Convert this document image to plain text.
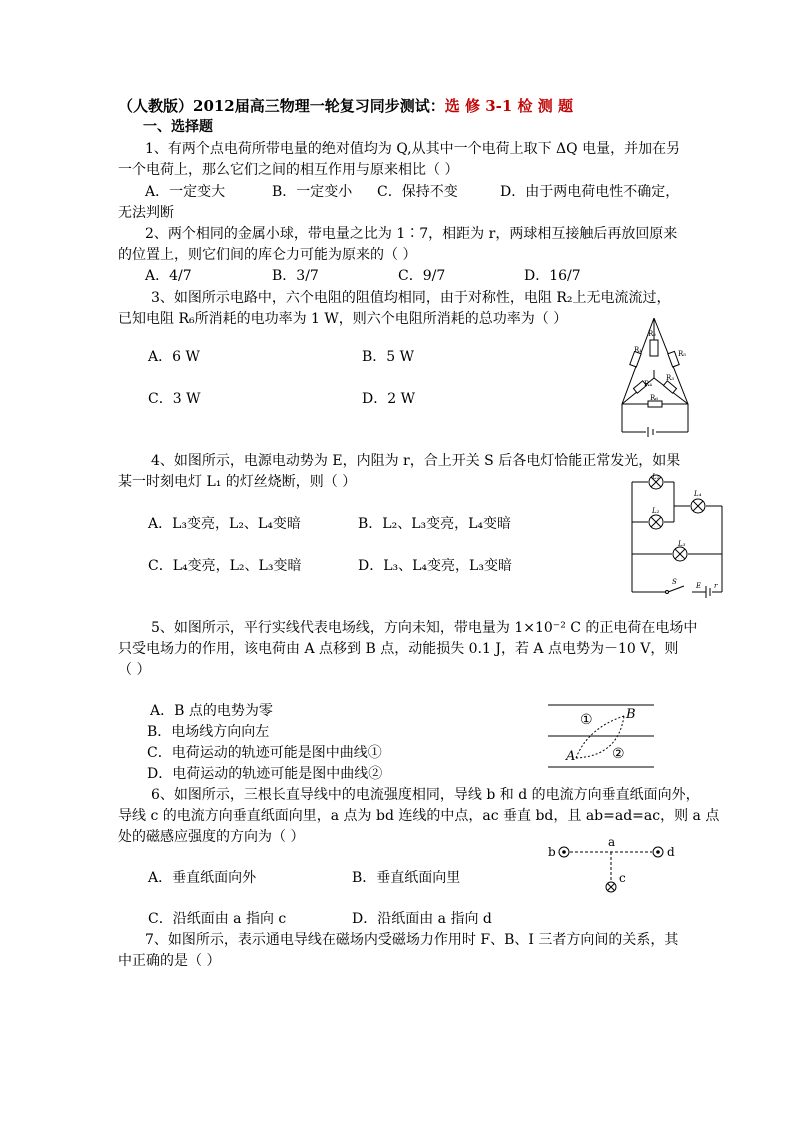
（人教版）2012届高三物理一轮复习同步测试：选 修 3-1 检 测 题
一、选择题
1、有两个点电荷所带电量的绝对值均为 Q,从其中一个电荷上取下 ΔQ 电量，并加在另
一个电荷上，那么它们之间的相互作用与原来相比（ ）
A．一定变大	B．一定变小 C．保持不变	D．由于两电荷电性不确定，
无法判断
2、两个相同的金属小球，带电量之比为 1∶7，相距为 r，两球相互接触后再放回原来
的位置上，则它们间的库仑力可能为原来的（ ）
A．4/7	B．3/7	C．9/7	D．16/7
3、如图所示电路中，六个电阻的阻值均相同，由于对称性，电阻 R₂上无电流流过，
已知电阻 R₆所消耗的电功率为 1 W，则六个电阻所消耗的总功率为（ ）
A．6 W	B．5 W
C．3 W	D．2 W
R₂
R₁	R₅
R₄
R₃
R₆
4、如图所示，电源电动势为 E，内阻为 r，合上开关 S 后各电灯恰能正常发光，如果
某一时刻电灯 L₁ 的灯丝烧断，则（ ）
A．L₃变亮，L₂、L₄变暗	B．L₂、L₃变亮，L₄变暗
C．L₄变亮，L₂、L₃变暗	D．L₃、L₄变亮，L₃变暗
L₁
L₂
L₄
L₃
S	E r
5、如图所示，平行实线代表电场线，方向未知，带电量为 1×10⁻² C 的正电荷在电场中
只受电场力的作用，该电荷由 A 点移到 B 点，动能损失 0.1 J，若 A 点电势为－10 V，则
（ ）
A．B 点的电势为零
B．电场线方向向左
C．电荷运动的轨迹可能是图中曲线①
D．电荷运动的轨迹可能是图中曲线②
①
②
A
B
6、如图所示，三根长直导线中的电流强度相同，导线 b 和 d 的电流方向垂直纸面向外，
导线 c 的电流方向垂直纸面向里，a 点为 bd 连线的中点，ac 垂直 bd，且 ab=ad=ac，则 a 点
处的磁感应强度的方向为（ ）
A．垂直纸面向外	B．垂直纸面向里
C．沿纸面由 a 指向 c	D．沿纸面由 a 指向 d
b
a
d
c
7、如图所示，表示通电导线在磁场内受磁场力作用时 F、B、I 三者方向间的关系，其
中正确的是（ ）
